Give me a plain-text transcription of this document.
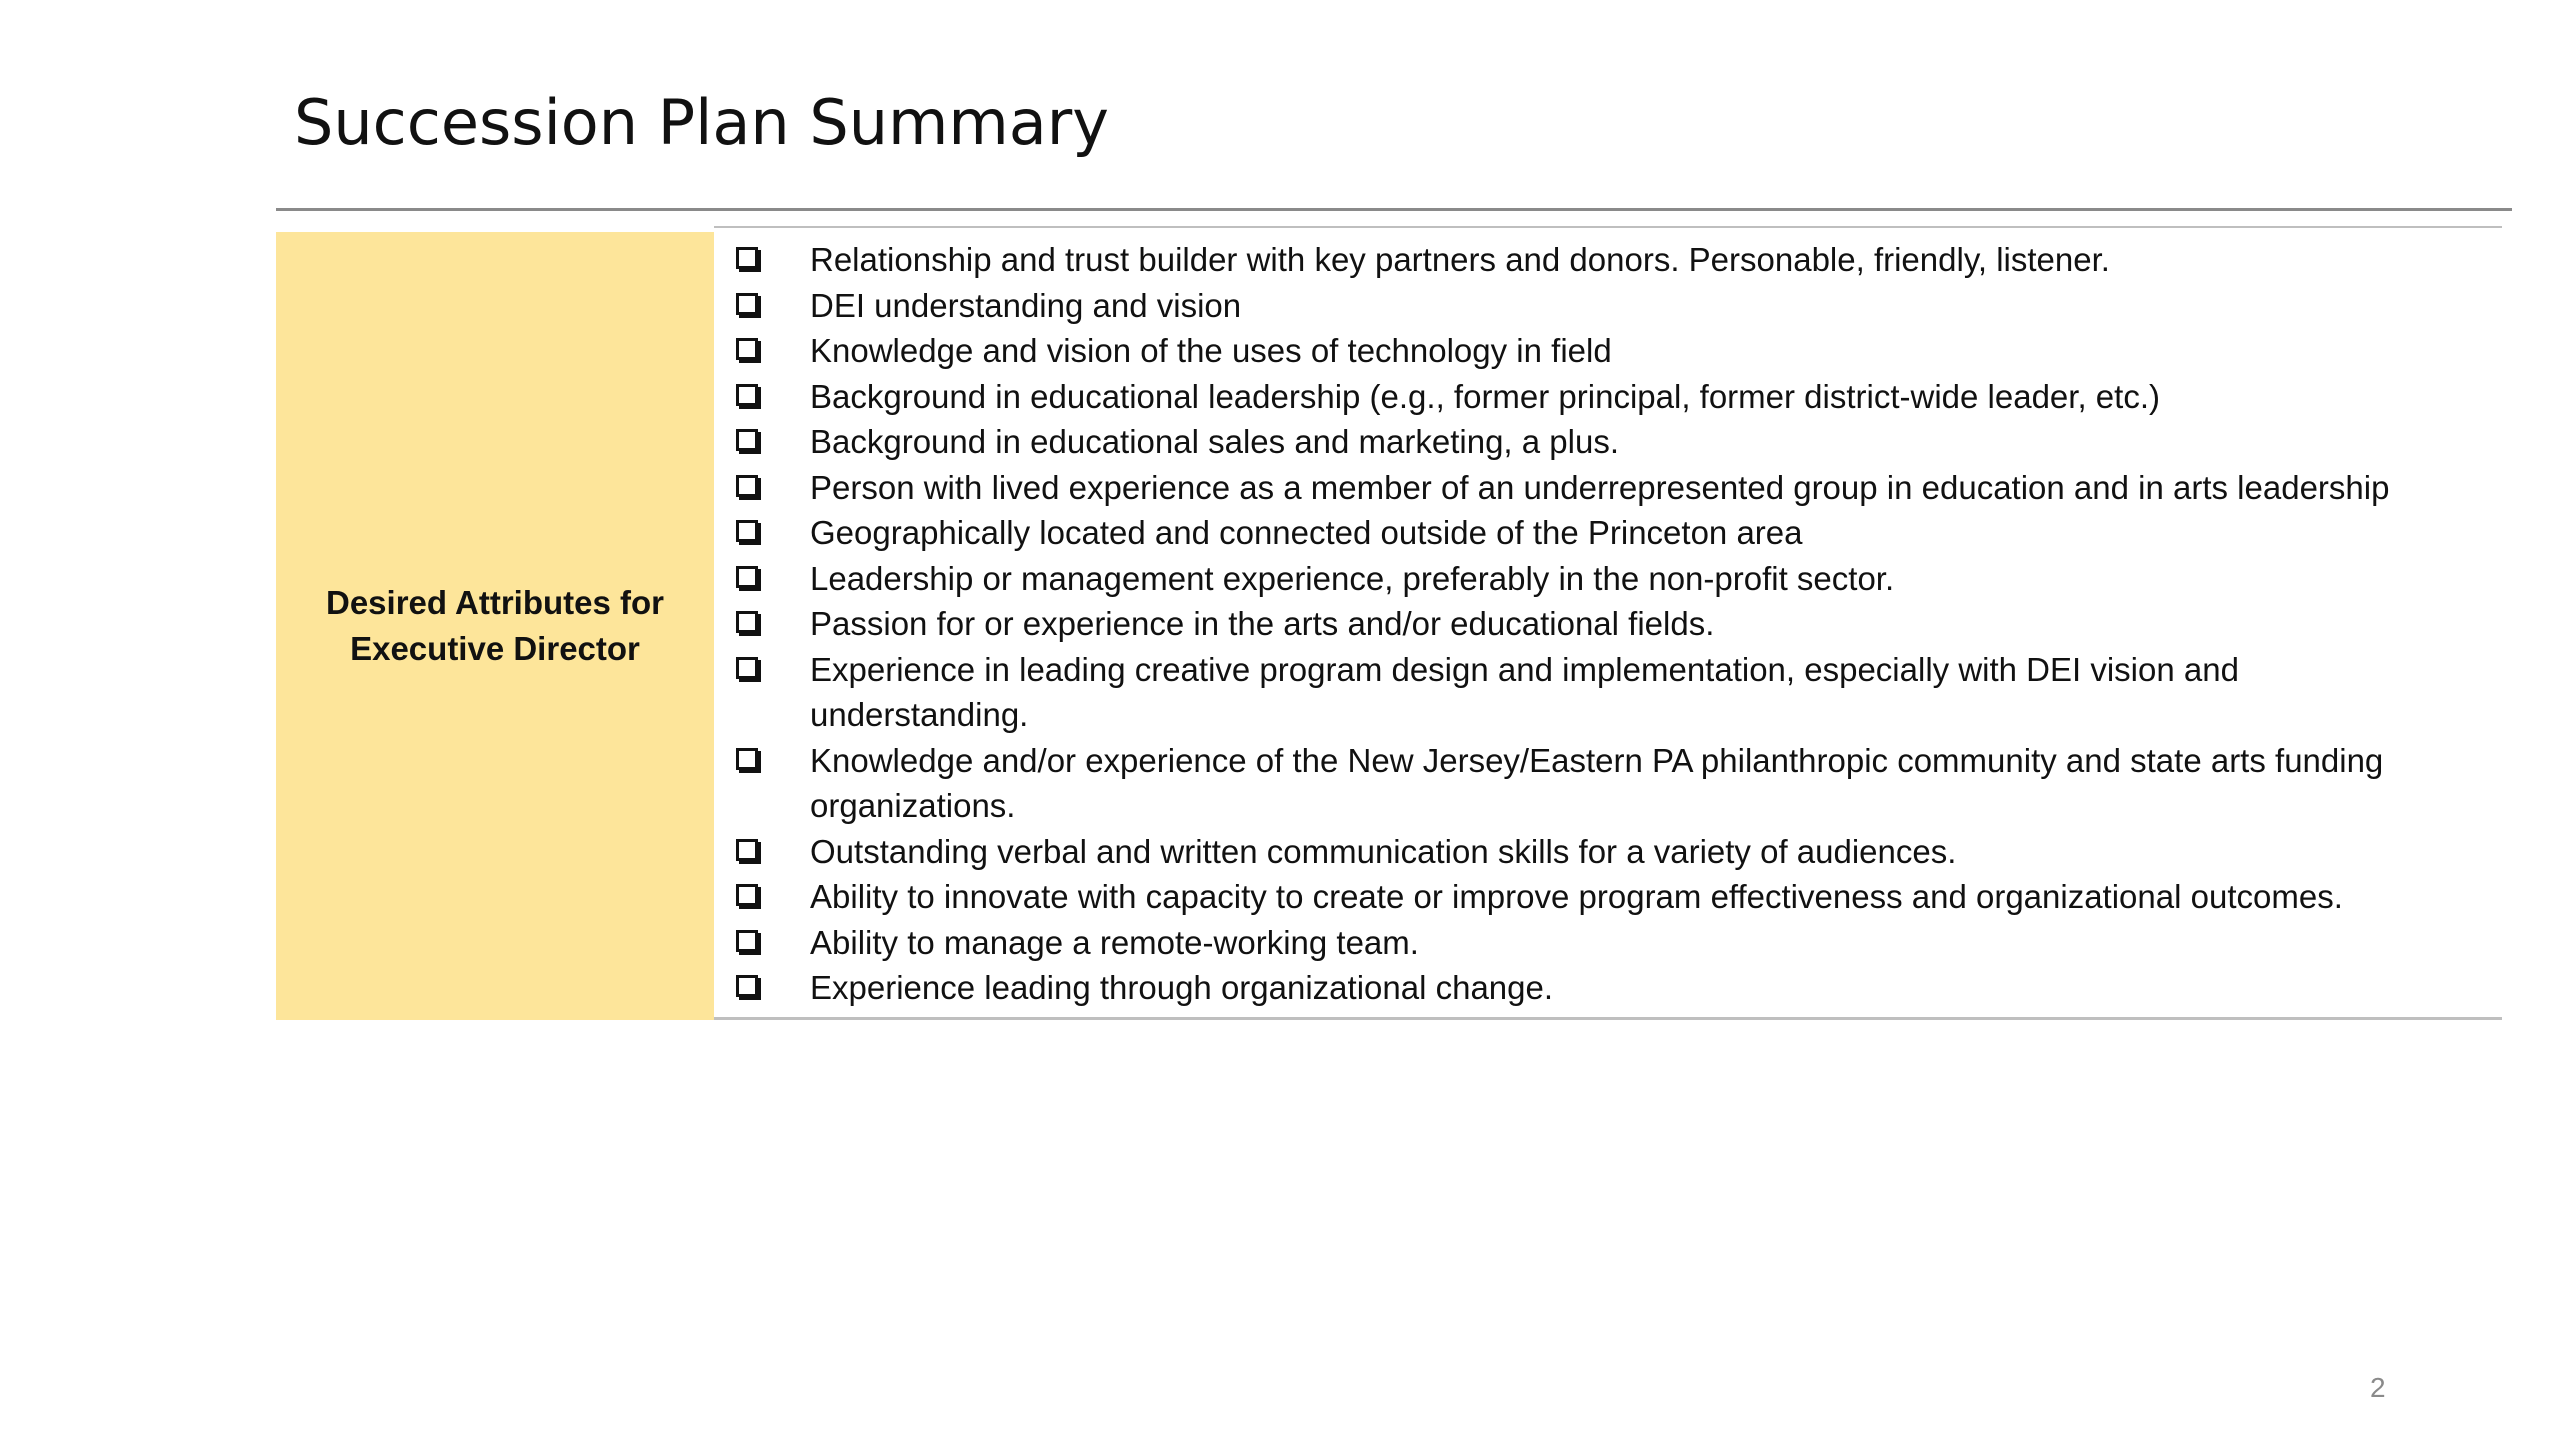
Succession Plan Summary
Desired Attributes for Executive Director
Relationship and trust builder with key partners and donors. Personable, friendly, listener.
DEI understanding and vision
Knowledge and vision of the uses of technology in field
Background in educational leadership (e.g., former principal, former district-wide leader, etc.)
Background in educational sales and marketing, a plus.
Person with lived experience as a member of an underrepresented group in education and in arts leadership
Geographically located and connected outside of the Princeton area
Leadership or management experience, preferably in the non-profit sector.
Passion for or experience in the arts and/or educational fields.
Experience in leading creative program design and implementation, especially with DEI vision and understanding.
Knowledge and/or experience of the New Jersey/Eastern PA philanthropic community and state arts funding organizations.
Outstanding verbal and written communication skills for a variety of audiences.
Ability to innovate with capacity to create or improve program effectiveness and organizational outcomes.
Ability to manage a remote-working team.
Experience leading through organizational change.
2
